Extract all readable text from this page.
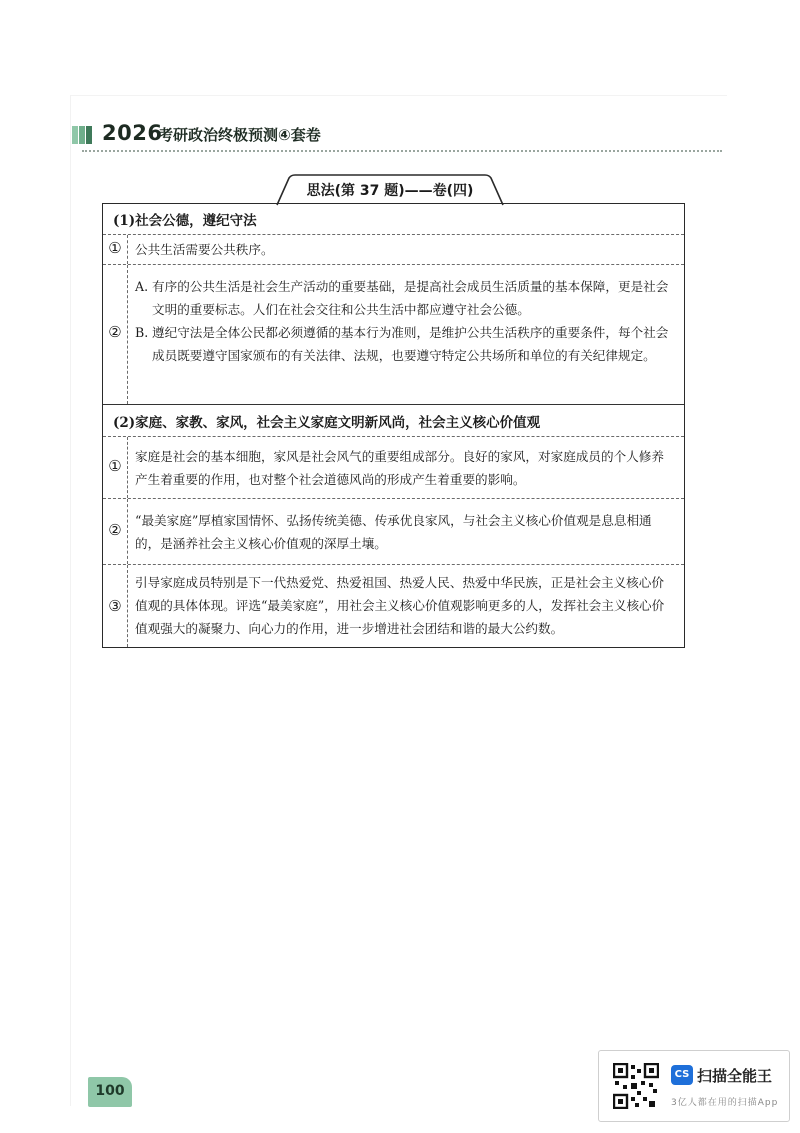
2026
考研政治终极预测④套卷
思法(第 37 题)——卷(四)
(1)社会公德，遵纪守法
①	公共生活需要公共秩序。
②
A. 有序的公共生活是社会生产活动的重要基础，是提高社会成员生活质量的基本保障，更是社会文明的重要标志。人们在社会交往和公共生活中都应遵守社会公德。
B. 遵纪守法是全体公民都必须遵循的基本行为准则，是维护公共生活秩序的重要条件，每个社会成员既要遵守国家颁布的有关法律、法规，也要遵守特定公共场所和单位的有关纪律规定。
(2)家庭、家教、家风，社会主义家庭文明新风尚，社会主义核心价值观
①
家庭是社会的基本细胞，家风是社会风气的重要组成部分。良好的家风，对家庭成员的个人修养产生着重要的作用，也对整个社会道德风尚的形成产生着重要的影响。
②
“最美家庭”厚植家国情怀、弘扬传统美德、传承优良家风，与社会主义核心价值观是息息相通的，是涵养社会主义核心价值观的深厚土壤。
③
引导家庭成员特别是下一代热爱党、热爱祖国、热爱人民、热爱中华民族，正是社会主义核心价值观的具体体现。评选“最美家庭”，用社会主义核心价值观影响更多的人，发挥社会主义核心价值观强大的凝聚力、向心力的作用，进一步增进社会团结和谐的最大公约数。
100
CS 扫描全能王
3亿人都在用的扫描App
